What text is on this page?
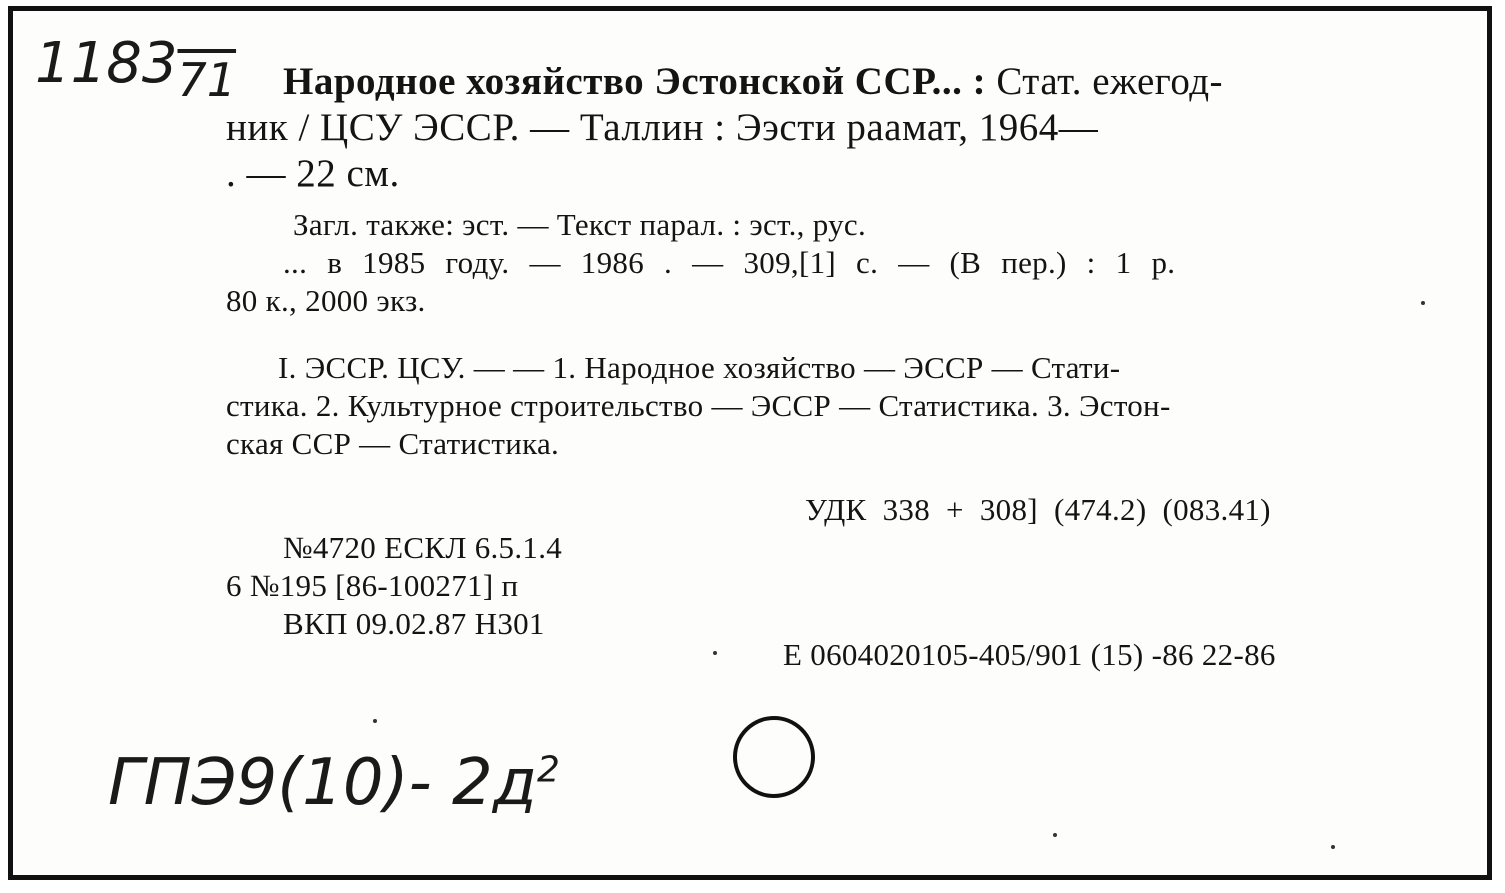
$1183_{71}$ Народное хозяйство Эстонской ССР... : Стат. ежегод-
ник / ЦСУ ЭССР. — Таллин : Ээсти раамат, 1964—
. — 22 см.
Загл. также: эст. — Текст парал. : эст., рус.
... в 1985 году. — 1986 . — 309,[1] с. — (В пер.) : 1 р.
80 к., 2000 экз.
I. ЭССР. ЦСУ. — — 1. Народное хозяйство — ЭССР — Стати-
стика. 2. Культурное строительство — ЭССР — Статистика. 3. Эстон-
ская ССР — Статистика.
УДК 338 + 308] (474.2) (083.41)
№4720 ЕСКЛ 6.5.1.4
6 №195 [86-100271] п
ВКП 09.02.87 Н301
Е 0604020105-405/901 (15) -86 22-86
ГПЭ9(10)- $2д^2$
